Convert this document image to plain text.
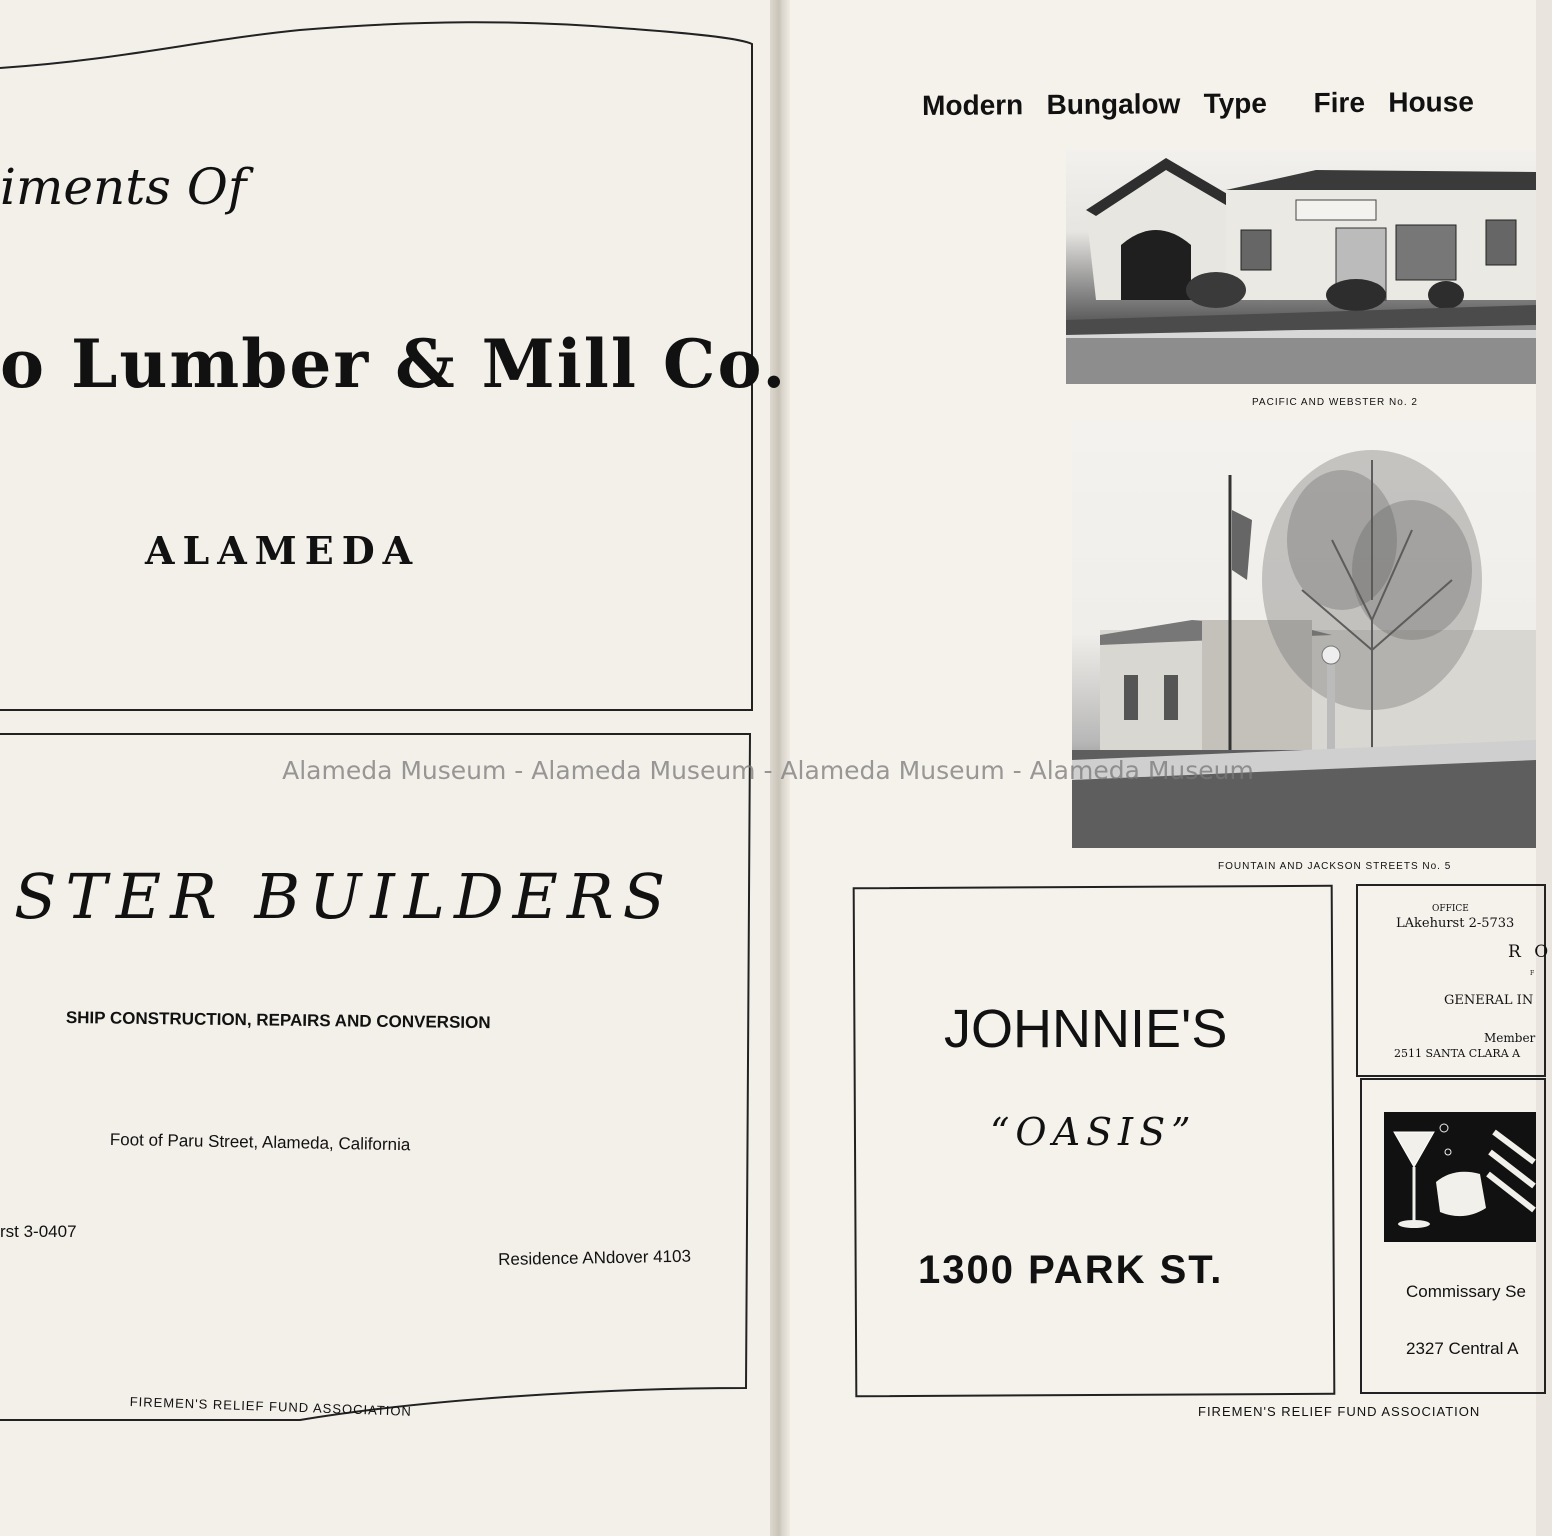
iments Of
o Lumber & Mill Co.
ALAMEDA
STER BUILDERS
SHIP CONSTRUCTION, REPAIRS AND CONVERSION
Foot of Paru Street, Alameda, California
rst 3-0407
Residence ANdover 4103
FIREMEN'S RELIEF FUND ASSOCIATION
Modern   Bungalow   Type      Fire   House
PACIFIC AND WEBSTER No. 2
FOUNTAIN AND JACKSON STREETS No. 5
JOHNNIE'S
“OASIS”
1300 PARK ST.
OFFICE
LAkehurst 2-5733
R O
F
GENERAL IN
Member
2511 SANTA CLARA A
Commissary Se
2327 Central A
FIREMEN'S RELIEF FUND ASSOCIATION
Alameda Museum - Alameda Museum - Alameda Museum - Alameda Museum
